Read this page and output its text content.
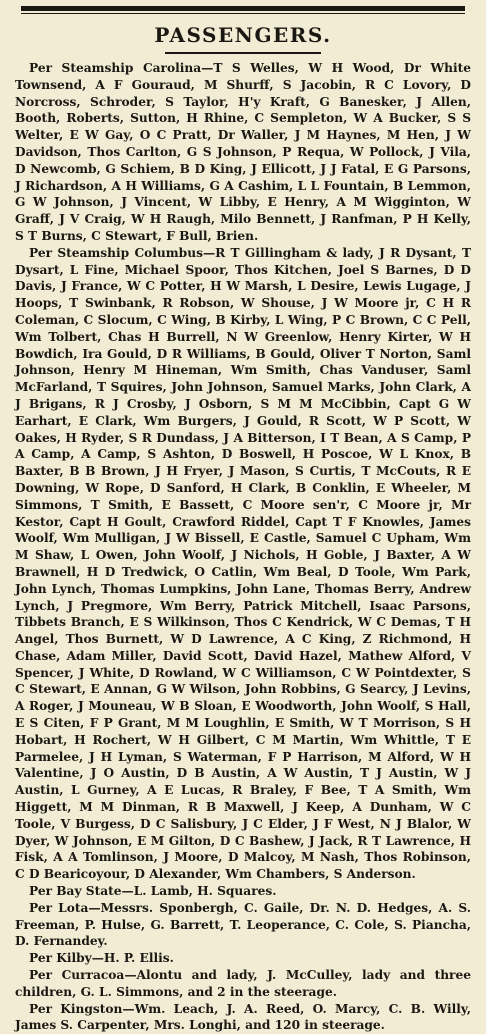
PASSENGERS.

Per Steamship Carolina—T S Welles, W H Wood, Dr White Townsend, A F Gouraud, M Shurff, S Jacobin, R C Lovory, D Norcross, Schroder, S Taylor, H'y Kraft, G Banesker, J Allen, Booth, Roberts, Sutton, H Rhine, C Sempleton, W A Bucker, S S Welter, E W Gay, O C Pratt, Dr Waller, J M Haynes, M Hen, J W Davidson, Thos Carlton, G S Johnson, P Requa, W Pollock, J Vila, D Newcomb, G Schiem, B D King, J Ellicott, J J Fatal, E G Parsons, J Richardson, A H Williams, G A Cashim, L L Fountain, B Lemmon, G W Johnson, J Vincent, W Libby, E Henry, A M Wigginton, W Graff, J V Craig, W H Raugh, Milo Bennett, J Ranfman, P H Kelly, S T Burns, C Stewart, F Bull, Brien.

Per Steamship Columbus—R T Gillingham & lady, J R Dysant, T Dysart, L Fine, Michael Spoor, Thos Kitchen, Joel S Barnes, D D Davis, J France, W C Potter, H W Marsh, L Desire, Lewis Lugage, J Hoops, T Swinbank, R Robson, W Shouse, J W Moore jr, C H R Coleman, C Slocum, C Wing, B Kirby, L Wing, P C Brown, C C Pell, Wm Tolbert, Chas H Burrell, N W Greenlow, Henry Kirter, W H Bowdich, Ira Gould, D R Williams, B Gould, Oliver T Norton, Saml Johnson, Henry M Hineman, Wm Smith, Chas Vanduser, Saml McFarland, T Squires, John Johnson, Samuel Marks, John Clark, A J Brigans, R J Crosby, J Osborn, S M M McCibbin, Capt G W Earhart, E Clark, Wm Burgers, J Gould, R Scott, W P Scott, W Oakes, H Ryder, S R Dundass, J A Bitterson, I T Bean, A S Camp, P A Camp, A Camp, S Ashton, D Boswell, H Poscoe, W L Knox, B Baxter, B B Brown, J H Fryer, J Mason, S Curtis, T McCouts, R E Downing, W Rope, D Sanford, H Clark, B Conklin, E Wheeler, M Simmons, T Smith, E Bassett, C Moore sen'r, C Moore jr, Mr Kestor, Capt H Goult, Crawford Riddel, Capt T F Knowles, James Woolf, Wm Mulligan, J W Bissell, E Castle, Samuel C Upham, Wm M Shaw, L Owen, John Woolf, J Nichols, H Goble, J Baxter, A W Brawnell, H D Tredwick, O Catlin, Wm Beal, D Toole, Wm Park, John Lynch, Thomas Lumpkins, John Lane, Thomas Berry, Andrew Lynch, J Pregmore, Wm Berry, Patrick Mitchell, Isaac Parsons, Tibbets Branch, E S Wilkinson, Thos C Kendrick, W C Demas, T H Angel, Thos Burnett, W D Lawrence, A C King, Z Richmond, H Chase, Adam Miller, David Scott, David Hazel, Mathew Alford, V Spencer, J White, D Rowland, W C Williamson, C W Pointdexter, S C Stewart, E Annan, G W Wilson, John Robbins, G Searcy, J Levins, A Roger, J Mouneau, W B Sloan, E Woodworth, John Woolf, S Hall, E S Citen, F P Grant, M M Loughlin, E Smith, W T Morrison, S H Hobart, H Rochert, W H Gilbert, C M Martin, Wm Whittle, T E Parmelee, J H Lyman, S Waterman, F P Harrison, M Alford, W H Valentine, J O Austin, D B Austin, A W Austin, T J Austin, W J Austin, L Gurney, A E Lucas, R Braley, F Bee, T A Smith, Wm Higgett, M M Dinman, R B Maxwell, J Keep, A Dunham, W C Toole, V Burgess, D C Salisbury, J C Elder, J F West, N J Blalor, W Dyer, W Johnson, E M Gilton, D C Bashew, J Jack, R T Lawrence, H Fisk, A A Tomlinson, J Moore, D Malcoy, M Nash, Thos Robinson, C D Bearicoyour, D Alexander, Wm Chambers, S Anderson.

Per Bay State—L. Lamb, H. Squares.

Per Lota—Messrs. Sponbergh, C. Gaile, Dr. N. D. Hedges, A. S. Freeman, P. Hulse, G. Barrett, T. Leoperance, C. Cole, S. Piancha, D. Fernandey.

Per Kilby—H. P. Ellis.

Per Curracoa—Alontu and lady, J. McCulley, lady and three children, G. L. Simmons, and 2 in the steerage.

Per Kingston—Wm. Leach, J. A. Reed, O. Marcy, C. B. Willy, James S. Carpenter, Mrs. Longhi, and 120 in steerage.
